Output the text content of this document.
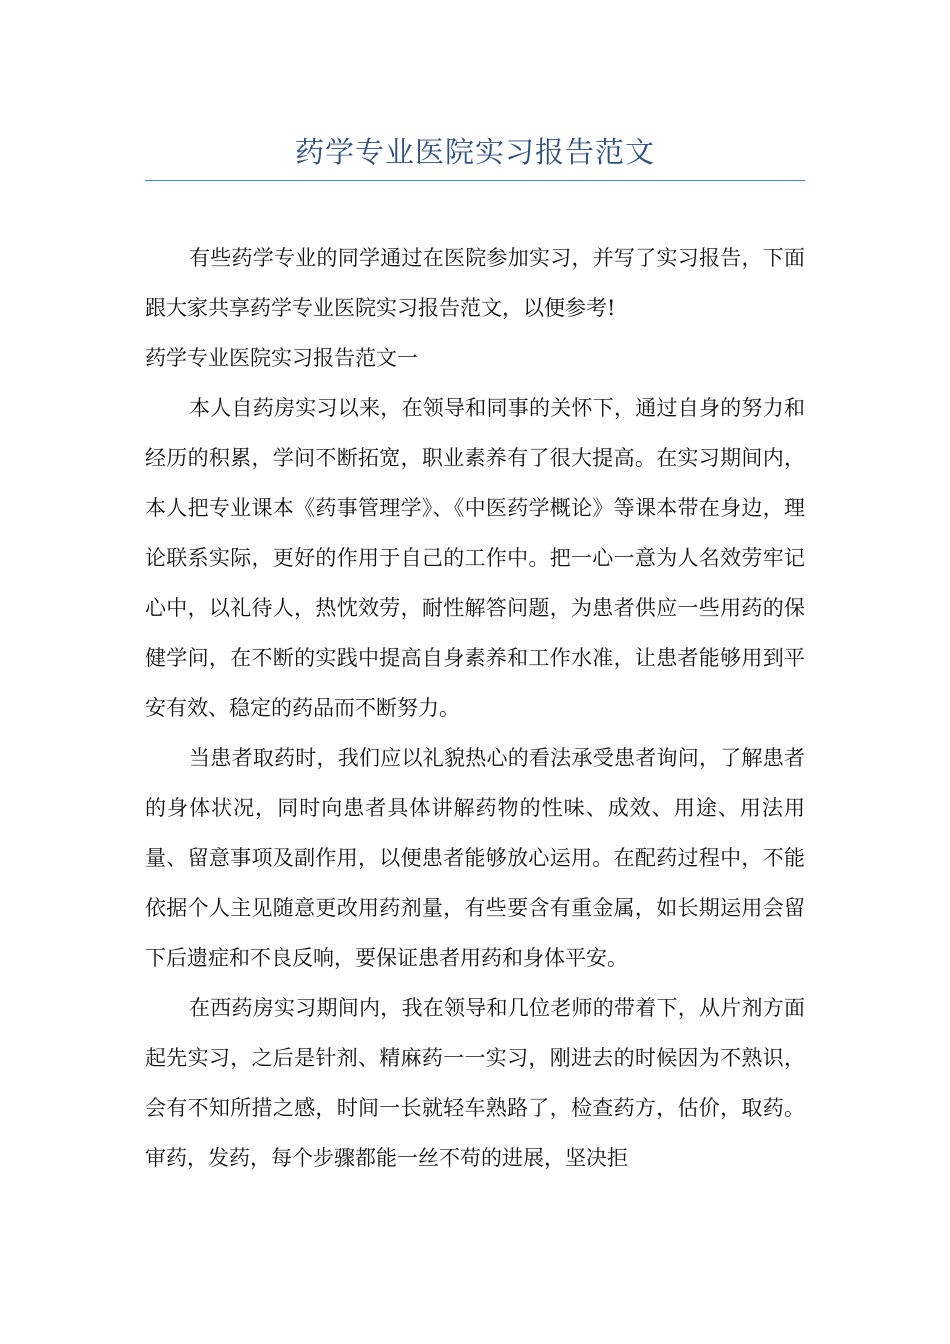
药学专业医院实习报告范文

有些药学专业的同学通过在医院参加实习，并写了实习报告，下面跟大家共享药学专业医院实习报告范文，以便参考!

药学专业医院实习报告范文一

本人自药房实习以来，在领导和同事的关怀下，通过自身的努力和经历的积累，学问不断拓宽，职业素养有了很大提高。在实习期间内，本人把专业课本《药事管理学》、《中医药学概论》等课本带在身边，理论联系实际，更好的作用于自己的工作中。把一心一意为人名效劳牢记心中，以礼待人，热忱效劳，耐性解答问题，为患者供应一些用药的保健学问，在不断的实践中提高自身素养和工作水准，让患者能够用到平安有效、稳定的药品而不断努力。

当患者取药时，我们应以礼貌热心的看法承受患者询问，了解患者的身体状况，同时向患者具体讲解药物的性味、成效、用途、用法用量、留意事项及副作用，以便患者能够放心运用。在配药过程中，不能依据个人主见随意更改用药剂量，有些要含有重金属，如长期运用会留下后遗症和不良反响，要保证患者用药和身体平安。

在西药房实习期间内，我在领导和几位老师的带着下，从片剂方面起先实习，之后是针剂、精麻药一一实习，刚进去的时候因为不熟识，会有不知所措之感，时间一长就轻车熟路了，检查药方，估价，取药。审药，发药，每个步骤都能一丝不苟的进展，坚决拒
